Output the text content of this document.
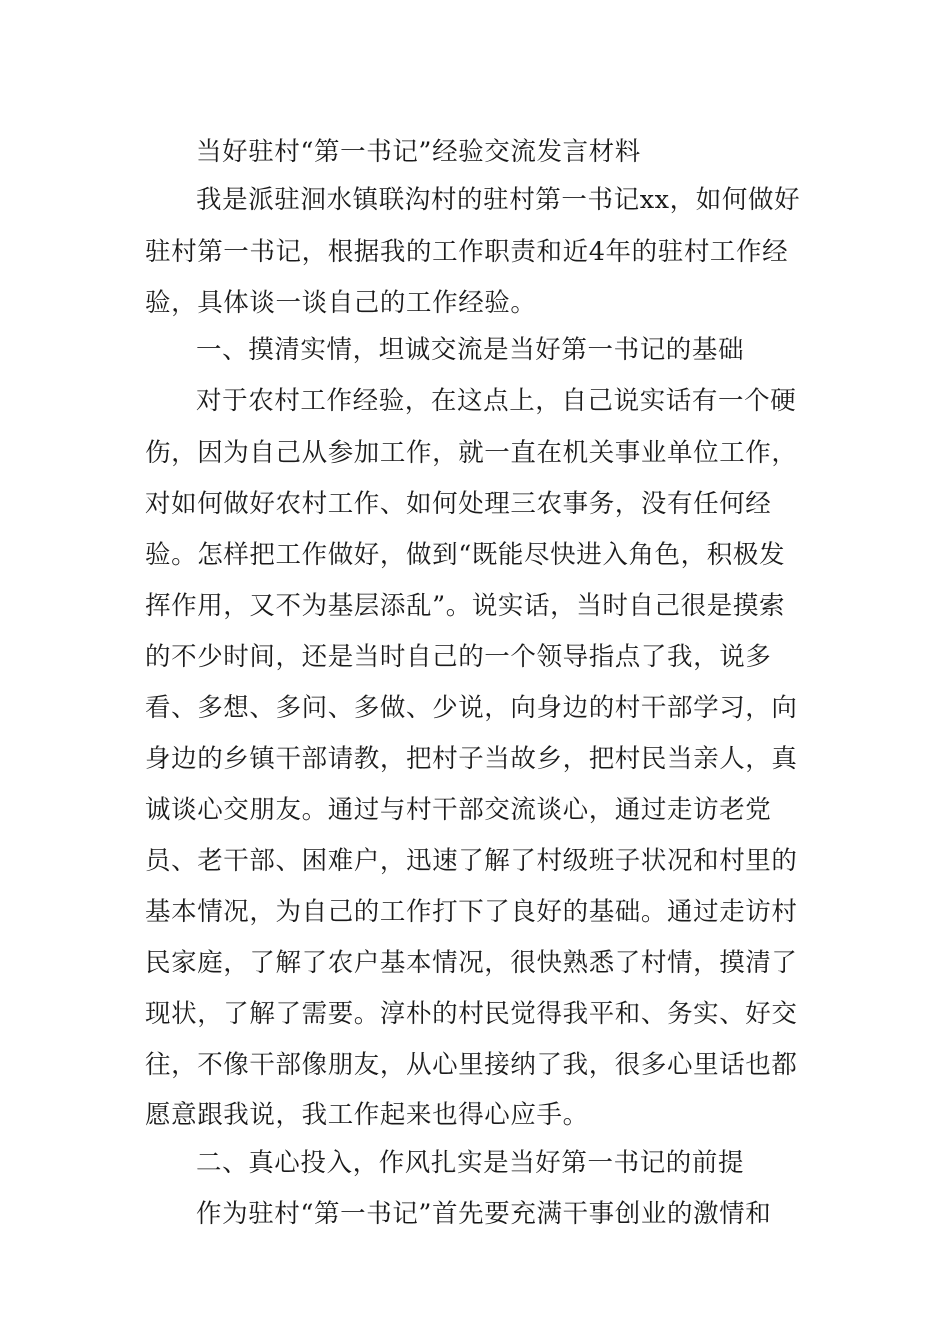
当好驻村“第一书记”经验交流发言材料
我是派驻洄水镇联沟村的驻村第一书记xx，如何做好
驻村第一书记，根据我的工作职责和近4年的驻村工作经
验，具体谈一谈自己的工作经验。
一、摸清实情，坦诚交流是当好第一书记的基础
对于农村工作经验，在这点上，自己说实话有一个硬
伤，因为自己从参加工作，就一直在机关事业单位工作，
对如何做好农村工作、如何处理三农事务，没有任何经
验。怎样把工作做好，做到“既能尽快进入角色，积极发
挥作用，又不为基层添乱”。说实话，当时自己很是摸索
的不少时间，还是当时自己的一个领导指点了我，说多
看、多想、多问、多做、少说，向身边的村干部学习，向
身边的乡镇干部请教，把村子当故乡，把村民当亲人，真
诚谈心交朋友。通过与村干部交流谈心，通过走访老党
员、老干部、困难户，迅速了解了村级班子状况和村里的
基本情况，为自己的工作打下了良好的基础。通过走访村
民家庭，了解了农户基本情况，很快熟悉了村情，摸清了
现状，了解了需要。淳朴的村民觉得我平和、务实、好交
往，不像干部像朋友，从心里接纳了我，很多心里话也都
愿意跟我说，我工作起来也得心应手。
二、真心投入，作风扎实是当好第一书记的前提
作为驻村“第一书记”首先要充满干事创业的激情和
